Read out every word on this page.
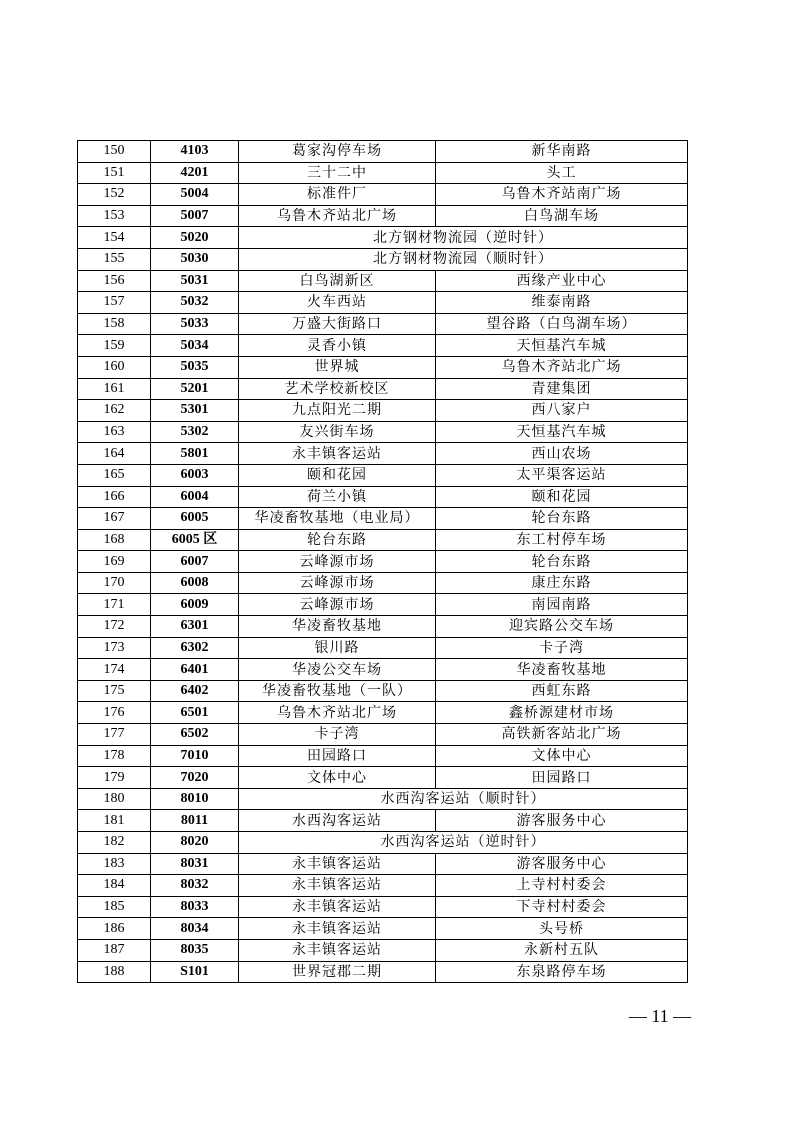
150	4103	葛家沟停车场	新华南路
151	4201	三十二中	头工
152	5004	标准件厂	乌鲁木齐站南广场
153	5007	乌鲁木齐站北广场	白鸟湖车场
154	5020	北方钢材物流园（逆时针）	
155	5030	北方钢材物流园（顺时针）	
156	5031	白鸟湖新区	西缘产业中心
157	5032	火车西站	维泰南路
158	5033	万盛大街路口	望谷路（白鸟湖车场）
159	5034	灵香小镇	天恒基汽车城
160	5035	世界城	乌鲁木齐站北广场
161	5201	艺术学校新校区	青建集团
162	5301	九点阳光二期	西八家户
163	5302	友兴街车场	天恒基汽车城
164	5801	永丰镇客运站	西山农场
165	6003	颐和花园	太平渠客运站
166	6004	荷兰小镇	颐和花园
167	6005	华凌畜牧基地（电业局）	轮台东路
168	6005 区	轮台东路	东工村停车场
169	6007	云峰源市场	轮台东路
170	6008	云峰源市场	康庄东路
171	6009	云峰源市场	南园南路
172	6301	华凌畜牧基地	迎宾路公交车场
173	6302	银川路	卡子湾
174	6401	华凌公交车场	华凌畜牧基地
175	6402	华凌畜牧基地（一队）	西虹东路
176	6501	乌鲁木齐站北广场	鑫桥源建材市场
177	6502	卡子湾	高铁新客站北广场
178	7010	田园路口	文体中心
179	7020	文体中心	田园路口
180	8010	水西沟客运站（顺时针）	
181	8011	水西沟客运站	游客服务中心
182	8020	水西沟客运站（逆时针）	
183	8031	永丰镇客运站	游客服务中心
184	8032	永丰镇客运站	上寺村村委会
185	8033	永丰镇客运站	下寺村村委会
186	8034	永丰镇客运站	头号桥
187	8035	永丰镇客运站	永新村五队
188	S101	世界冠郡二期	东泉路停车场
— 11 —
